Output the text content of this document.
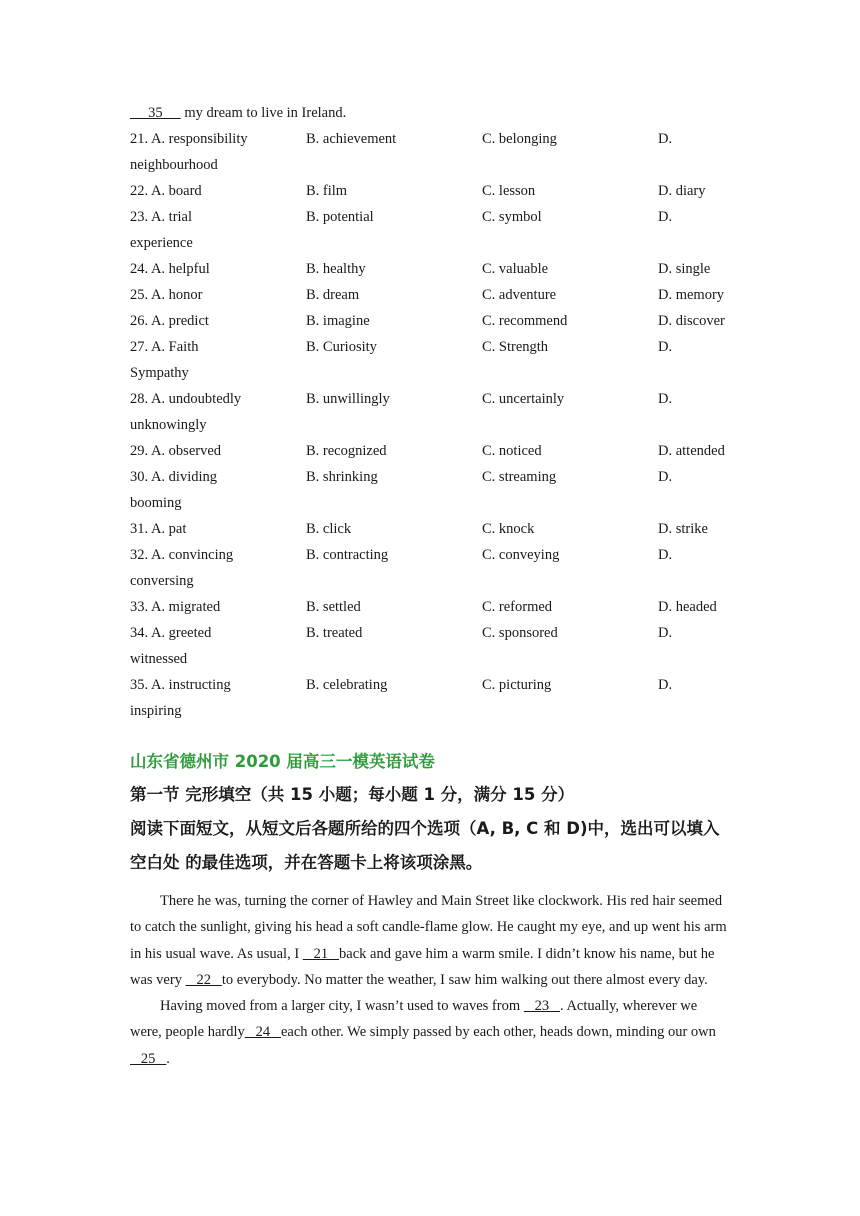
35      my dream to live in Ireland.
21. A. responsibility	B. achievement	C. belonging	D.
neighbourhood
22. A. board	B. film	C. lesson	D. diary
23. A. trial	B. potential	C. symbol	D.
experience
24. A. helpful	B. healthy	C. valuable	D. single
25. A. honor	B. dream	C. adventure	D. memory
26. A. predict	B. imagine	C. recommend	D. discover
27. A. Faith	B. Curiosity	C. Strength	D.
Sympathy
28. A. undoubtedly	B. unwillingly	C. uncertainly	D.
unknowingly
29. A. observed	B. recognized	C. noticed	D. attended
30. A. dividing	B. shrinking	C. streaming	D.
booming
31. A. pat	B. click	C. knock	D. strike
32. A. convincing	B. contracting	C. conveying	D.
conversing
33. A. migrated	B. settled	C. reformed	D. headed
34. A. greeted	B. treated	C. sponsored	D.
witnessed
35. A. instructing	B. celebrating	C. picturing	D.
inspiring
山东省德州市 2020 届高三一模英语试卷
第一节 完形填空（共 15 小题；每小题 1 分，满分 15 分）
阅读下面短文，从短文后各题所给的四个选项（A, B, C 和 D)中，选出可以填入
空白处 的最佳选项，并在答题卡上将该项涂黑。

There he was, turning the corner of Hawley and Main Street like clockwork. His red hair seemed to catch the sunlight, giving his head a soft candle-flame glow. He caught my eye, and up went his arm in his usual wave. As usual, I    21   back and gave him a warm smile. I didn’t know his name, but he was very    22   to everybody. No matter the weather, I saw him walking out there almost every day.

Having moved from a larger city, I wasn’t used to waves from    23   . Actually, wherever we were, people hardly   24   each other. We simply passed by each other, heads down, minding our own   25   .
